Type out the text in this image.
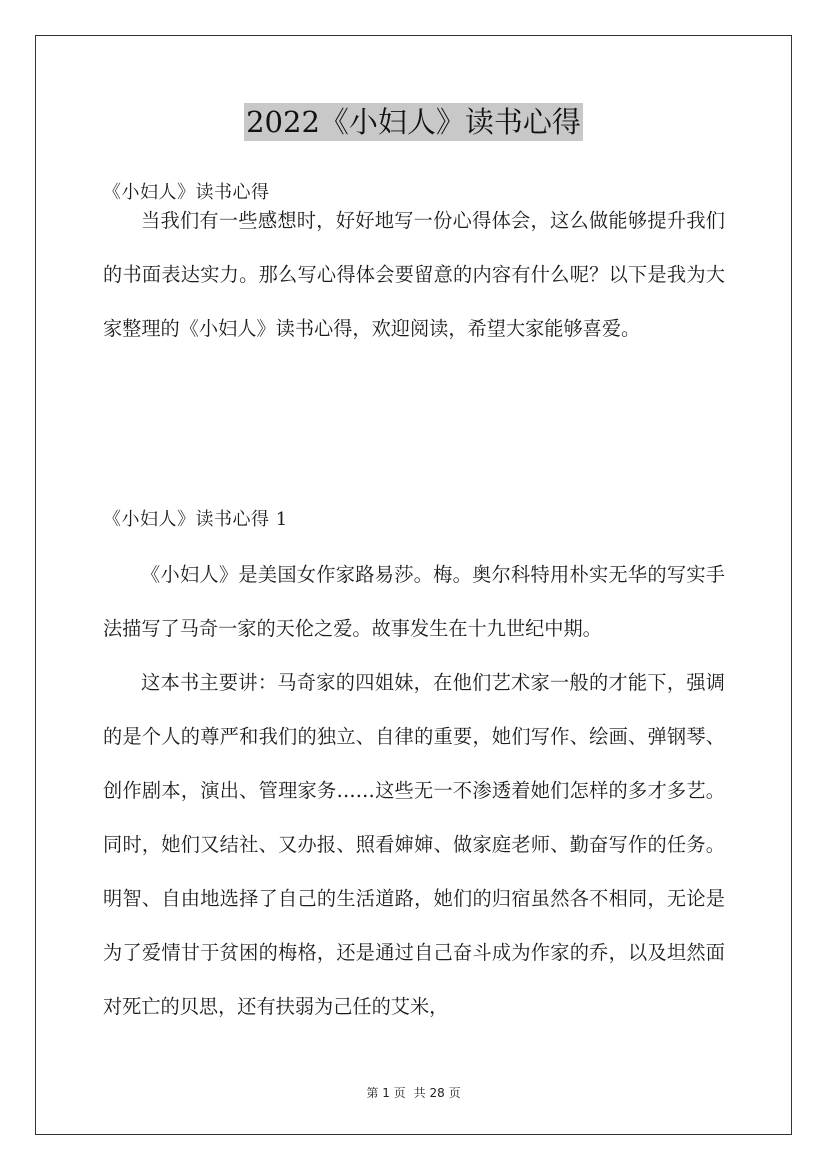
2022《小妇人》读书心得
《小妇人》读书心得

当我们有一些感想时，好好地写一份心得体会，这么做能够提升我们的书面表达实力。那么写心得体会要留意的内容有什么呢？以下是我为大家整理的《小妇人》读书心得，欢迎阅读，希望大家能够喜爱。

《小妇人》读书心得 1

《小妇人》是美国女作家路易莎。梅。奥尔科特用朴实无华的写实手法描写了马奇一家的天伦之爱。故事发生在十九世纪中期。

这本书主要讲：马奇家的四姐妹，在他们艺术家一般的才能下，强调的是个人的尊严和我们的独立、自律的重要，她们写作、绘画、弹钢琴、创作剧本，演出、管理家务……这些无一不渗透着她们怎样的多才多艺。同时，她们又结社、又办报、照看婶婶、做家庭老师、勤奋写作的任务。明智、自由地选择了自己的生活道路，她们的归宿虽然各不相同，无论是为了爱情甘于贫困的梅格，还是通过自己奋斗成为作家的乔，以及坦然面对死亡的贝思，还有扶弱为己任的艾米，

第 1 页 共 28 页
